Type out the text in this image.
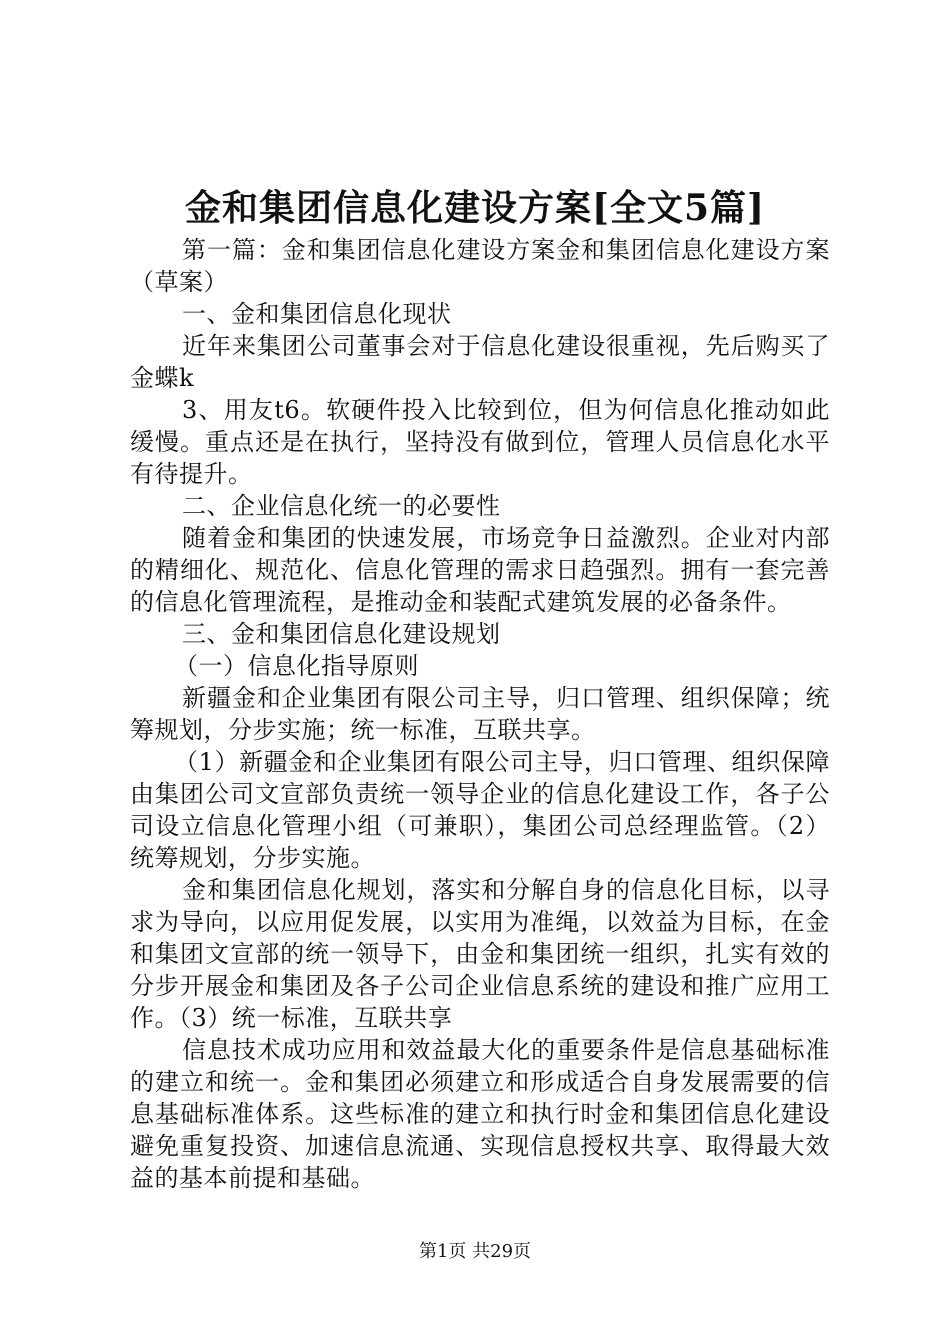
金和集团信息化建设方案[全文5篇]

第一篇：金和集团信息化建设方案金和集团信息化建设方案（草案）

一、金和集团信息化现状

近年来集团公司董事会对于信息化建设很重视，先后购买了金蝶k

3、用友t6。软硬件投入比较到位，但为何信息化推动如此缓慢。重点还是在执行，坚持没有做到位，管理人员信息化水平有待提升。

二、企业信息化统一的必要性

随着金和集团的快速发展，市场竞争日益激烈。企业对内部的精细化、规范化、信息化管理的需求日趋强烈。拥有一套完善的信息化管理流程，是推动金和装配式建筑发展的必备条件。

三、金和集团信息化建设规划

（一）信息化指导原则

新疆金和企业集团有限公司主导，归口管理、组织保障；统筹规划，分步实施；统一标准，互联共享。

（1）新疆金和企业集团有限公司主导，归口管理、组织保障由集团公司文宣部负责统一领导企业的信息化建设工作，各子公司设立信息化管理小组（可兼职），集团公司总经理监管。（2）统筹规划，分步实施。

金和集团信息化规划，落实和分解自身的信息化目标，以寻求为导向，以应用促发展，以实用为准绳，以效益为目标，在金和集团文宣部的统一领导下，由金和集团统一组织，扎实有效的分步开展金和集团及各子公司企业信息系统的建设和推广应用工作。（3）统一标准，互联共享

信息技术成功应用和效益最大化的重要条件是信息基础标准的建立和统一。金和集团必须建立和形成适合自身发展需要的信息基础标准体系。这些标准的建立和执行时金和集团信息化建设避免重复投资、加速信息流通、实现信息授权共享、取得最大效益的基本前提和基础。

第1页 共29页
